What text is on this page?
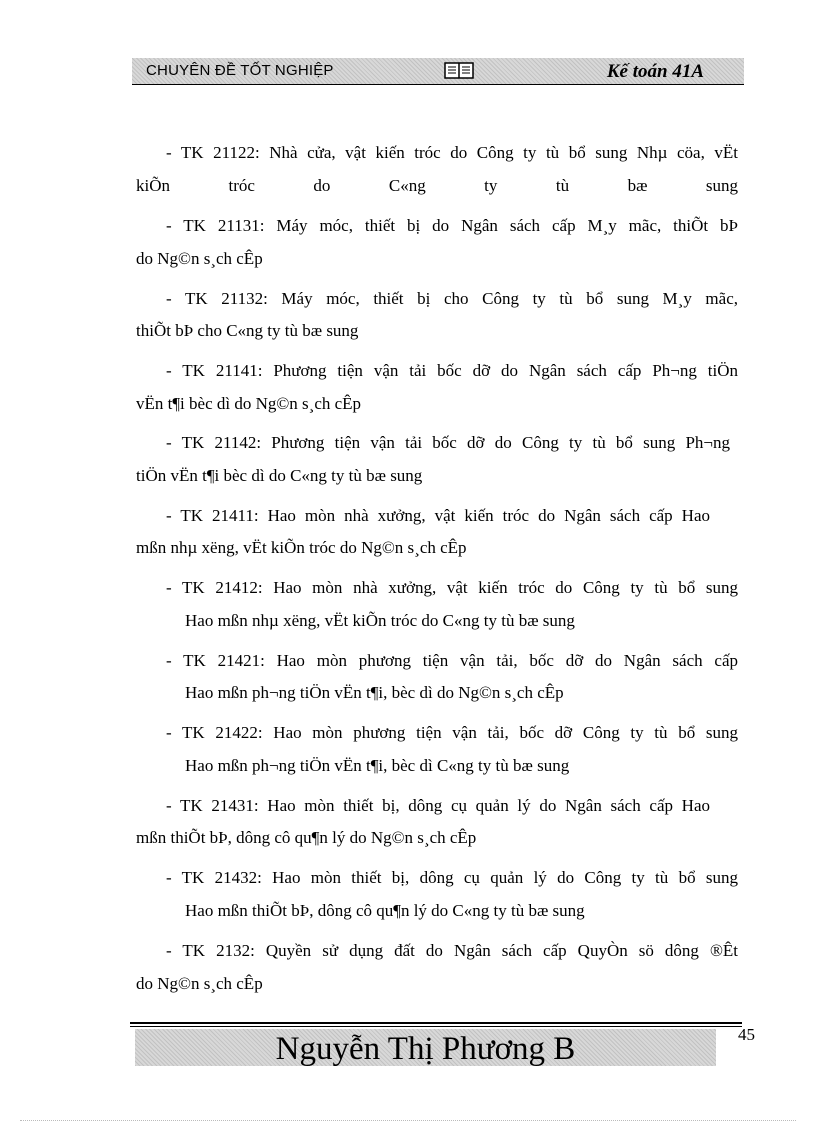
CHUYÊN ĐỀ TỐT NGHIỆP	Kế toán 41A
- TK 21122: Nhà cửa, vật kiến tróc do Công ty tù bổ sung Nhµ cöa, vËt
kiÕn tróc do C«ng ty tù bæ sung
- TK 21131: Máy móc, thiết bị do Ngân sách cấp M¸y mãc, thiÕt bÞ
do Ng©n s¸ch cÊp
- TK 21132: Máy móc, thiết bị cho Công ty tù bổ sung M¸y mãc,
thiÕt bÞ cho C«ng ty tù bæ sung
- TK 21141: Phương tiện vận tải bốc dỡ do Ngân sách cấp Ph¬ng tiÖn
vËn t¶i bèc dì do Ng©n s¸ch cÊp
- TK 21142: Phương tiện vận tải bốc dỡ do Công ty tù bổ sung Ph¬ng
tiÖn vËn t¶i bèc dì do C«ng ty tù bæ sung
- TK 21411: Hao mòn nhà xưởng, vật kiến tróc do Ngân sách cấp Hao
mßn nhµ xëng, vËt kiÕn tróc do Ng©n s¸ch cÊp
- TK 21412: Hao mòn nhà xưởng, vật kiến tróc do Công ty tù bổ sung
Hao mßn nhµ xëng, vËt kiÕn tróc do C«ng ty tù bæ sung
- TK 21421: Hao mòn phương tiện vận tải, bốc dỡ do Ngân sách cấp
Hao mßn ph¬ng tiÖn vËn t¶i, bèc dì do Ng©n s¸ch cÊp
- TK 21422: Hao mòn phương tiện vận tải, bốc dỡ Công ty tù bổ sung
Hao mßn ph¬ng tiÖn vËn t¶i, bèc dì C«ng ty tù bæ sung
- TK 21431: Hao mòn thiết bị, dông cụ quản lý do Ngân sách cấp Hao
mßn thiÕt bÞ, dông cô qu¶n lý do Ng©n s¸ch cÊp
- TK 21432: Hao mòn thiết bị, dông cụ quản lý do Công ty tù bổ sung
Hao mßn thiÕt bÞ, dông cô qu¶n lý do C«ng ty tù bæ sung
- TK 2132: Quyền sử dụng đất do Ngân sách cấp QuyÒn sö dông ®Êt
do Ng©n s¸ch cÊp
Nguyễn Thị Phương B	45
